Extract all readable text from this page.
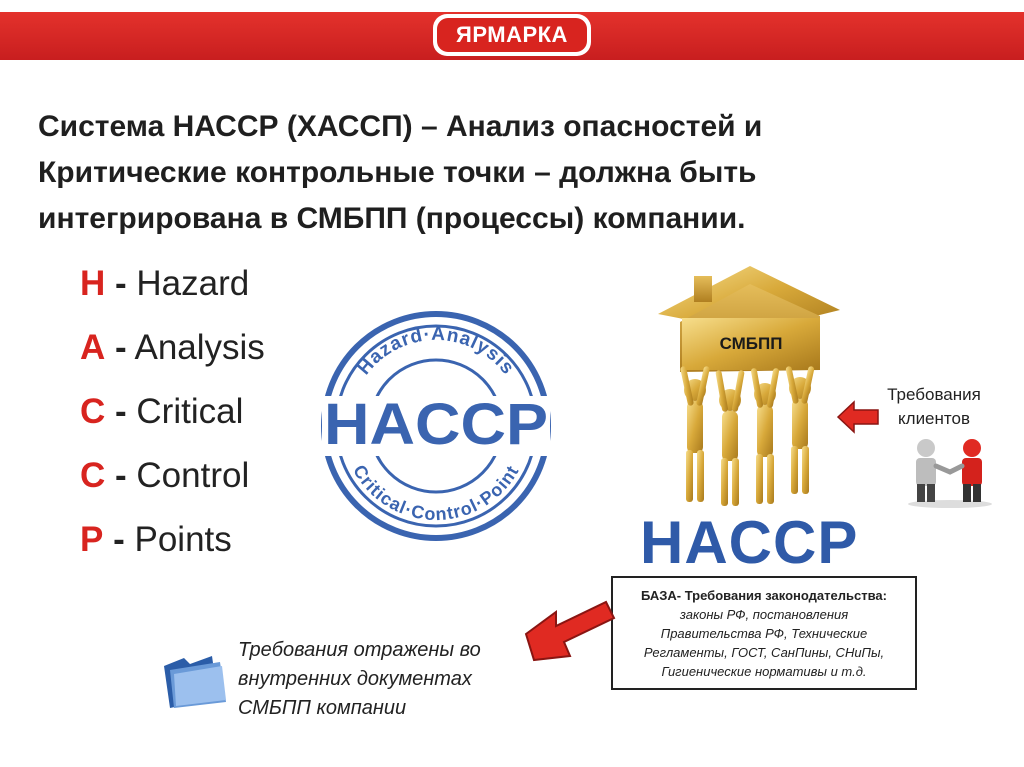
ЯРМАРКА
Система НАССР (ХАССП) – Анализ опасностей и Критические контрольные точки – должна быть интегрирована в СМБПП (процессы) компании.
H - Hazard
A - Analysis
C - Critical
C - Control
P - Points
Hazard·Analysis
Critical·Control·Point
HACCP
СМБПП
HACCP
Требования
клиентов
БАЗА- Требования законодательства:
законы РФ, постановления
Правительства РФ, Технические
Регламенты, ГОСТ, СанПины, СНиПы,
Гигиенические нормативы и т.д.
Требования отражены во
внутренних документах
СМБПП компании
